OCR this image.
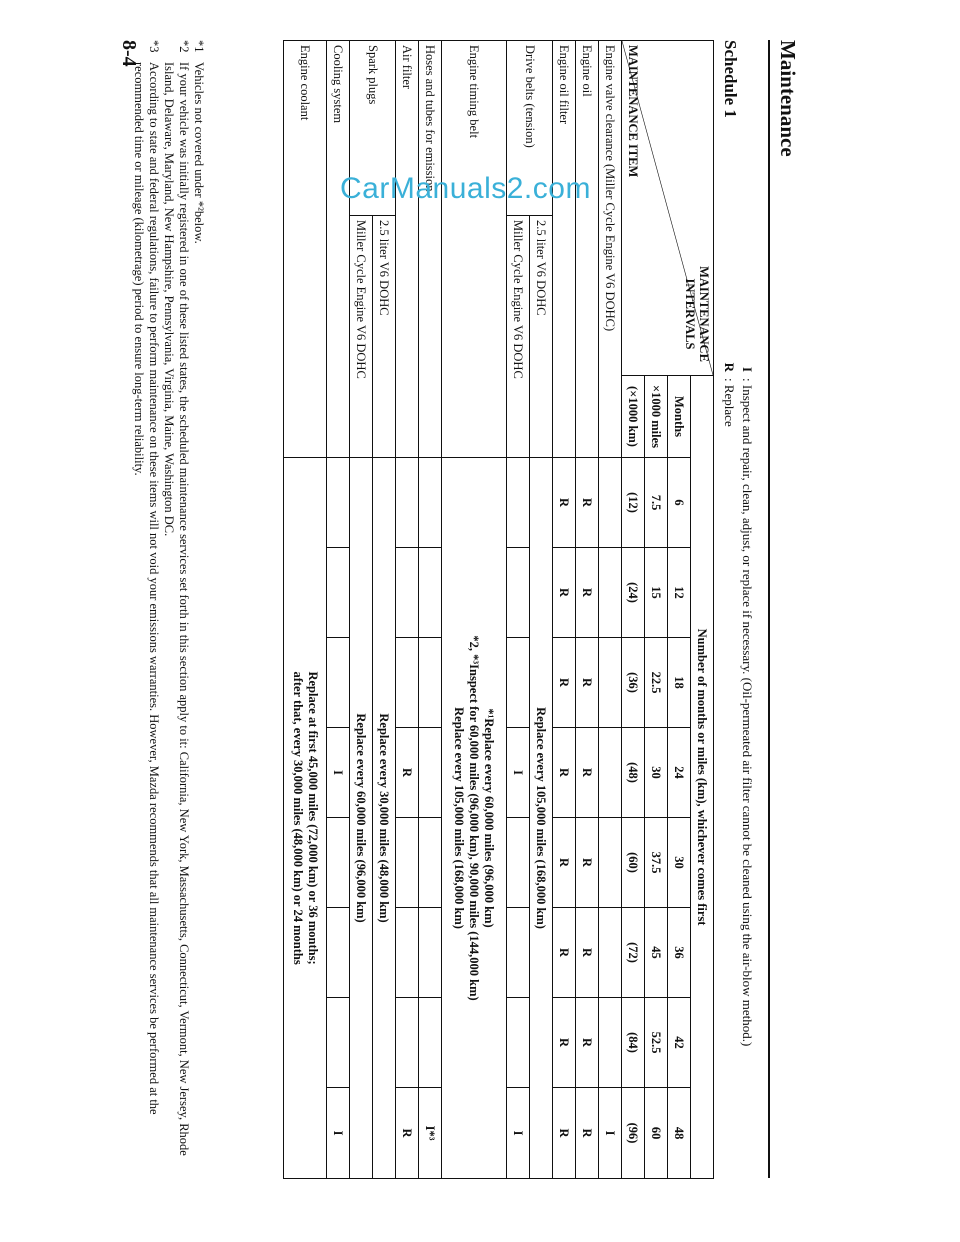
Maintenance
I: Inspect and repair, clean, adjust, or replace if necessary. (Oil-permeated air filter cannot be cleaned using the air-blow method.)
R: Replace
Schedule 1
MAINTENANCE INTERVALS
MAINTENANCE ITEM		Number of months or miles (km), whichever comes first								
		Months	6	12	18	24	30	36	42	48
		×1000 miles	7.5	15	22.5	30	37.5	45	52.5	60
		(×1000 km)	(12)	(24)	(36)	(48)	(60)	(72)	(84)	(96)
Engine valve clearance (Miller Cycle Engine V6 DOHC)										I
Engine oil			R	R	R	R	R	R	R	R
Engine oil filter			R	R	R	R	R	R	R	R
Drive belts (tension)	2.5 liter V6 DOHC		Replace every 105,000 miles (168,000 km)							
	Miller Cycle Engine V6 DOHC					I				I
Engine timing belt			*¹Replace every 60,000 miles (96,000 km)
*2, *³Inspect for 60,000 miles (96,000 km), 90,000 miles (144,000 km)
Replace every 105,000 miles (168,000 km)							

Hoses and tubes for emission										I*³
Air filter						R				R
Spark plugs	2.5 liter V6 DOHC		Replace every 30,000 miles (48,000 km)							
	Miller Cycle Engine V6 DOHC		Replace every 60,000 miles (96,000 km)							
Cooling system						I				I
Engine coolant			Replace at first 45,000 miles (72,000 km) or 36 months;
after that, every 30,000 miles (48,000 km) or 24 months							
*1
Vehicles not covered under *²below.
*2
If your vehicle was initially registered in one of these listed states, the scheduled maintenance services set forth in this section apply to it: California, New York, Massachusetts, Connecticut, Vermont, New Jersey, Rhode Island, Delaware, Maryland, New Hampshire, Pennsylvania, Virginia, Maine, Washington DC.
*3
According to state and federal regulations, failure to perform maintenance on these items will not void your emissions warranties. However, Mazda recommends that all maintenance services be performed at the recommended time or mileage (kilometrage) period to ensure long-term reliability.
8-4
CarManuals2.com
